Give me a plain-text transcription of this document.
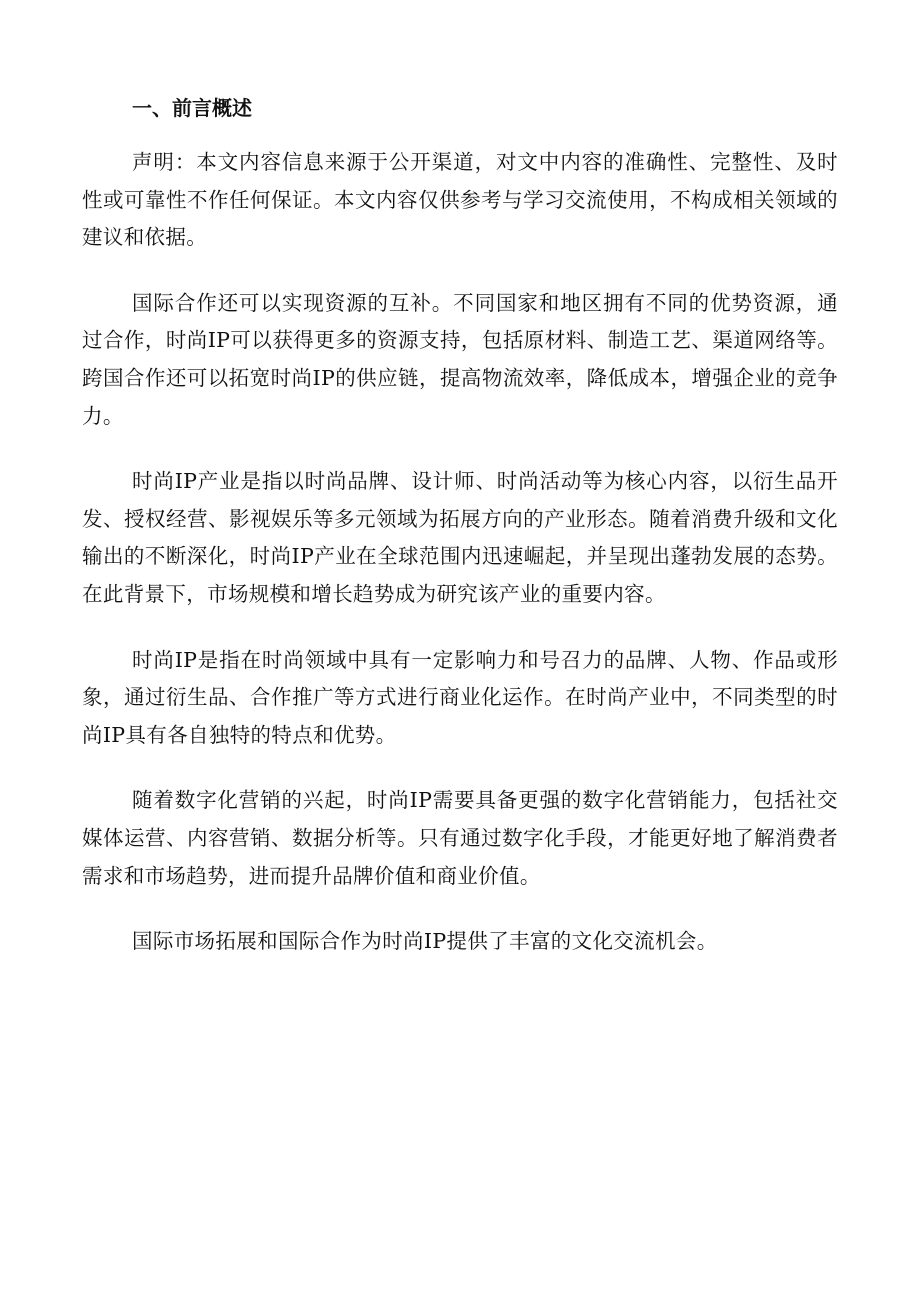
一、前言概述

声明：本文内容信息来源于公开渠道，对文中内容的准确性、完整性、及时性或可靠性不作任何保证。本文内容仅供参考与学习交流使用，不构成相关领域的建议和依据。

国际合作还可以实现资源的互补。不同国家和地区拥有不同的优势资源，通过合作，时尚IP可以获得更多的资源支持，包括原材料、制造工艺、渠道网络等。跨国合作还可以拓宽时尚IP的供应链，提高物流效率，降低成本，增强企业的竞争力。

时尚IP产业是指以时尚品牌、设计师、时尚活动等为核心内容，以衍生品开发、授权经营、影视娱乐等多元领域为拓展方向的产业形态。随着消费升级和文化输出的不断深化，时尚IP产业在全球范围内迅速崛起，并呈现出蓬勃发展的态势。在此背景下，市场规模和增长趋势成为研究该产业的重要内容。

时尚IP是指在时尚领域中具有一定影响力和号召力的品牌、人物、作品或形象，通过衍生品、合作推广等方式进行商业化运作。在时尚产业中，不同类型的时尚IP具有各自独特的特点和优势。

随着数字化营销的兴起，时尚IP需要具备更强的数字化营销能力，包括社交媒体运营、内容营销、数据分析等。只有通过数字化手段，才能更好地了解消费者需求和市场趋势，进而提升品牌价值和商业价值。

国际市场拓展和国际合作为时尚IP提供了丰富的文化交流机会。
